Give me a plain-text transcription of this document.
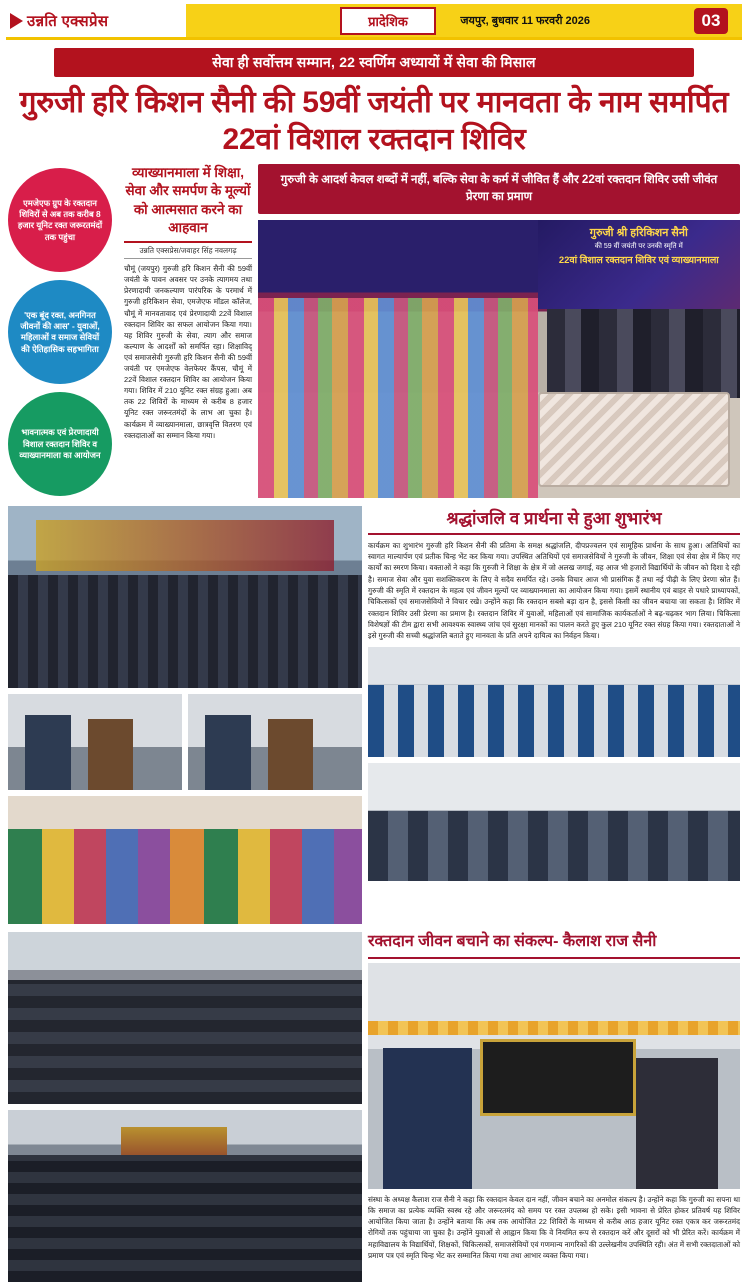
उन्नति एक्सप्रेस	प्रादेशिक	जयपुर, बुधवार 11 फरवरी 2026	03
सेवा ही सर्वोत्तम सम्मान, 22 स्वर्णिम अध्यायों में सेवा की मिसाल
गुरुजी हरि किशन सैनी की 59वीं जयंती पर मानवता के नाम समर्पित 22वां विशाल रक्तदान शिविर
एमजेएफ ग्रुप के रक्तदान शिविरों से अब तक करीब 8 हजार यूनिट रक्त जरूरतमंदों तक पहुंचा
'एक बूंद रक्त, अनगिनत जीवनों की आस' - युवाओं, महिलाओं व समाज सेवियों की ऐतिहासिक सहभागिता
भावनात्मक एवं प्रेरणादायी विशाल रक्तदान शिविर व व्याख्यानमाला का आयोजन
व्याख्यानमाला में शिक्षा, सेवा और समर्पण के मूल्यों को आत्मसात करने का आहवान
उन्नति एक्सप्रेस/जवाहर सिंह नवलगढ़
चौमूं (जयपुर) गुरुजी हरि किशन सैनी की 59वीं जयंती के पावन अवसर पर उनके त्यागमय तथा प्रेरणादायी जनकल्याण पारंपरिक के परमार्थ में गुरुजी हरिकिशन सेवा, एमजेएफ मॉडल कॉलेज, चौमूं में मानवतावाद एवं प्रेरणादायी 22वें विशाल रक्तदान शिविर का सफल आयोजन किया गया। यह शिविर गुरुजी के सेवा, त्याग और समाज कल्याण के आदर्शों को समर्पित रहा। शिक्षाविद् एवं समाजसेवी गुरुजी हरि किशन सैनी की 59वीं जयंती पर एमजेएफ वेलफेयर कैंपस, चौमूं में 22वें विशाल रक्तदान शिविर का आयोजन किया गया। शिविर में 210 यूनिट रक्त संग्रह हुआ। अब तक 22 शिविरों के माध्यम से करीब 8 हजार यूनिट रक्त जरूरतमंदों के लाभ आ चुका है। कार्यक्रम में व्याख्यानमाला, छात्रवृत्ति वितरण एवं रक्तदाताओं का सम्मान किया गया।
गुरुजी के आदर्श केवल शब्दों में नहीं, बल्कि सेवा के कर्म में जीवित हैं और 22वां रक्तदान शिविर उसी जीवंत प्रेरणा का प्रमाण
गुरुजी श्री हरिकिशन सैनी
की 59 वीं जयंती पर उनकी स्मृति में
22वां विशाल रक्तदान शिविर एवं व्याख्यानमाला
श्रद्धांजलि व प्रार्थना से हुआ शुभारंभ
कार्यक्रम का शुभारंभ गुरुजी हरि किशन सैनी की प्रतिमा के समक्ष श्रद्धांजलि, दीपप्रज्वलन एवं सामूहिक प्रार्थना के साथ हुआ। अतिथियों का स्वागत माल्यार्पण एवं प्रतीक चिन्ह भेंट कर किया गया। उपस्थित अतिथियों एवं समाजसेवियों ने गुरुजी के जीवन, शिक्षा एवं सेवा क्षेत्र में किए गए कार्यों का स्मरण किया। वक्ताओं ने कहा कि गुरुजी ने शिक्षा के क्षेत्र में जो अलख जगाई, वह आज भी हजारों विद्यार्थियों के जीवन को दिशा दे रही है। समाज सेवा और युवा सशक्तिकरण के लिए वे सदैव समर्पित रहे। उनके विचार आज भी प्रासंगिक हैं तथा नई पीढ़ी के लिए प्रेरणा स्रोत हैं। गुरुजी की स्मृति में रक्तदान के महत्व एवं जीवन मूल्यों पर व्याख्यानमाला का आयोजन किया गया। इसमें स्थानीय एवं बाहर से पधारे प्राध्यापकों, चिकित्सकों एवं समाजसेवियों ने विचार रखे। उन्होंने कहा कि रक्तदान सबसे बड़ा दान है, इससे किसी का जीवन बचाया जा सकता है। शिविर में रक्तदान शिविर उसी प्रेरणा का प्रमाण है। रक्तदान शिविर में युवाओं, महिलाओं एवं सामाजिक कार्यकर्ताओं ने बढ़-चढ़कर भाग लिया। चिकित्सा विशेषज्ञों की टीम द्वारा सभी आवश्यक स्वास्थ्य जांच एवं सुरक्षा मानकों का पालन करते हुए कुल 210 यूनिट रक्त संग्रह किया गया। रक्तदाताओं ने इसे गुरुजी की सच्ची श्रद्धांजलि बताते हुए मानवता के प्रति अपने दायित्व का निर्वहन किया।
रक्तदान जीवन बचाने का संकल्प- कैलाश राज सैनी
संस्था के अध्यक्ष कैलाश राज सैनी ने कहा कि रक्तदान केवल दान नहीं, जीवन बचाने का अनमोल संकल्प है। उन्होंने कहा कि गुरुजी का सपना था कि समाज का प्रत्येक व्यक्ति स्वस्थ रहे और जरूरतमंद को समय पर रक्त उपलब्ध हो सके। इसी भावना से प्रेरित होकर प्रतिवर्ष यह शिविर आयोजित किया जाता है। उन्होंने बताया कि अब तक आयोजित 22 शिविरों के माध्यम से करीब आठ हजार यूनिट रक्त एकत्र कर जरूरतमंद रोगियों तक पहुंचाया जा चुका है। उन्होंने युवाओं से आह्वान किया कि वे नियमित रूप से रक्तदान करें और दूसरों को भी प्रेरित करें। कार्यक्रम में महाविद्यालय के विद्यार्थियों, शिक्षकों, चिकित्सकों, समाजसेवियों एवं गणमान्य नागरिकों की उल्लेखनीय उपस्थिति रही। अंत में सभी रक्तदाताओं को प्रमाण पत्र एवं स्मृति चिन्ह भेंट कर सम्मानित किया गया तथा आभार व्यक्त किया गया।
